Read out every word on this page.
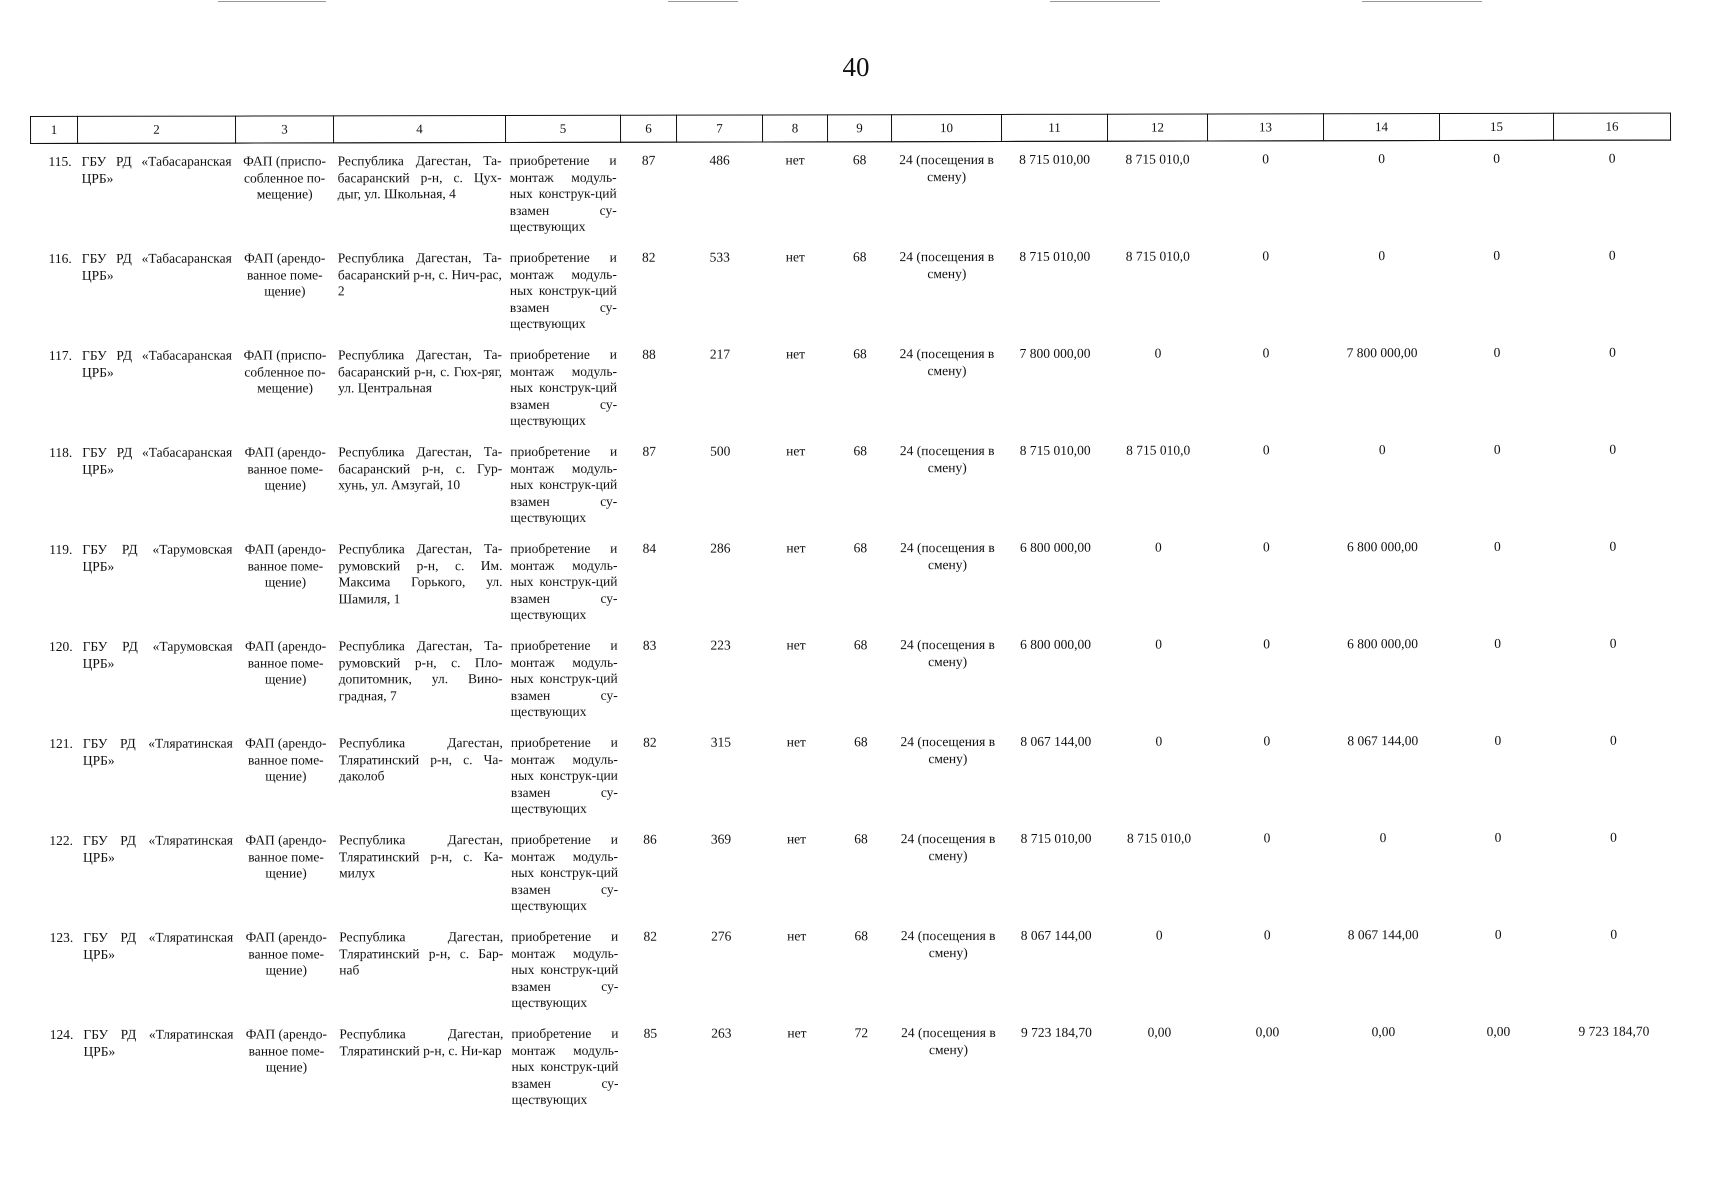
40
1	2	3	4	5	6	7	8	9	10	11	12	13	14	15	16
115.	ГБУ РД «Табасаранская ЦРБ»	ФАП (приспо-собленное по-мещение)	Республика Дагестан, Та-басаранский р-н, с. Цух-дыг, ул. Школьная, 4	приобретение и монтаж модуль-ных конструк-ций взамен су-ществующих	87	486	нет	68	24 (посещения в смену)	8 715 010,00	8 715 010,0	0	0	0	0
116.	ГБУ РД «Табасаранская ЦРБ»	ФАП (арендо-ванное поме-щение)	Республика Дагестан, Та-басаранский р-н, с. Нич-рас, 2	приобретение и монтаж модуль-ных конструк-ций взамен су-ществующих	82	533	нет	68	24 (посещения в смену)	8 715 010,00	8 715 010,0	0	0	0	0
117.	ГБУ РД «Табасаранская ЦРБ»	ФАП (приспо-собленное по-мещение)	Республика Дагестан, Та-басаранский р-н, с. Гюх-ряг, ул. Центральная	приобретение и монтаж модуль-ных конструк-ций взамен су-ществующих	88	217	нет	68	24 (посещения в смену)	7 800 000,00	0	0	7 800 000,00	0	0
118.	ГБУ РД «Табасаранская ЦРБ»	ФАП (арендо-ванное поме-щение)	Республика Дагестан, Та-басаранский р-н, с. Гур-хунь, ул. Амзугай, 10	приобретение и монтаж модуль-ных конструк-ций взамен су-ществующих	87	500	нет	68	24 (посещения в смену)	8 715 010,00	8 715 010,0	0	0	0	0
119.	ГБУ РД «Тарумовская ЦРБ»	ФАП (арендо-ванное поме-щение)	Республика Дагестан, Та-румовский р-н, с. Им. Максима Горького, ул. Шамиля, 1	приобретение и монтаж модуль-ных конструк-ций взамен су-ществующих	84	286	нет	68	24 (посещения в смену)	6 800 000,00	0	0	6 800 000,00	0	0
120.	ГБУ РД «Тарумовская ЦРБ»	ФАП (арендо-ванное поме-щение)	Республика Дагестан, Та-румовский р-н, с. Пло-допитомник, ул. Вино-градная, 7	приобретение и монтаж модуль-ных конструк-ций взамен су-ществующих	83	223	нет	68	24 (посещения в смену)	6 800 000,00	0	0	6 800 000,00	0	0
121.	ГБУ РД «Тляратинская ЦРБ»	ФАП (арендо-ванное поме-щение)	Республика Дагестан, Тляратинский р-н, с. Ча-даколоб	приобретение и монтаж модуль-ных конструк-ции взамен су-ществующих	82	315	нет	68	24 (посещения в смену)	8 067 144,00	0	0	8 067 144,00	0	0
122.	ГБУ РД «Тляратинская ЦРБ»	ФАП (арендо-ванное поме-щение)	Республика Дагестан, Тляратинский р-н, с. Ка-милух	приобретение и монтаж модуль-ных конструк-ций взамен су-ществующих	86	369	нет	68	24 (посещения в смену)	8 715 010,00	8 715 010,0	0	0	0	0
123.	ГБУ РД «Тляратинская ЦРБ»	ФАП (арендо-ванное поме-щение)	Республика Дагестан, Тляратинский р-н, с. Бар-наб	приобретение и монтаж модуль-ных конструк-ций взамен су-ществующих	82	276	нет	68	24 (посещения в смену)	8 067 144,00	0	0	8 067 144,00	0	0
124.	ГБУ РД «Тляратинская ЦРБ»	ФАП (арендо-ванное поме-щение)	Республика Дагестан, Тляратинский р-н, с. Ни-кар	приобретение и монтаж модуль-ных конструк-ций взамен су-ществующих	85	263	нет	72	24 (посещения в смену)	9 723 184,70	0,00	0,00	0,00	0,00	9 723 184,70
